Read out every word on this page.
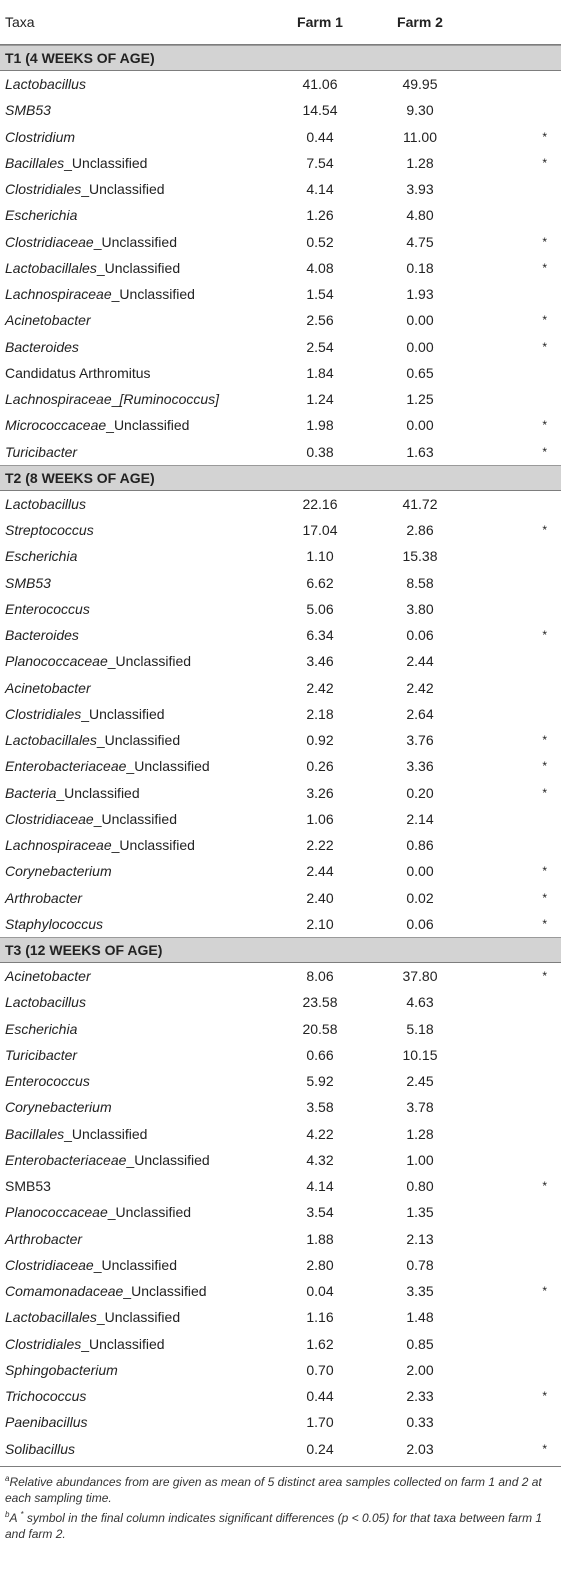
Taxa	Farm 1	Farm 2
T1 (4 WEEKS OF AGE)
Lactobacillus	41.06	49.95
SMB53	14.54	9.30
Clostridium	0.44	11.00	*
Bacillales_Unclassified	7.54	1.28	*
Clostridiales_Unclassified	4.14	3.93
Escherichia	1.26	4.80
Clostridiaceae_Unclassified	0.52	4.75	*
Lactobacillales_Unclassified	4.08	0.18	*
Lachnospiraceae_Unclassified	1.54	1.93
Acinetobacter	2.56	0.00	*
Bacteroides	2.54	0.00	*
Candidatus Arthromitus	1.84	0.65
Lachnospiraceae_[Ruminococcus]	1.24	1.25
Micrococcaceae_Unclassified	1.98	0.00	*
Turicibacter	0.38	1.63	*
T2 (8 WEEKS OF AGE)
Lactobacillus	22.16	41.72
Streptococcus	17.04	2.86	*
Escherichia	1.10	15.38
SMB53	6.62	8.58
Enterococcus	5.06	3.80
Bacteroides	6.34	0.06	*
Planococcaceae_Unclassified	3.46	2.44
Acinetobacter	2.42	2.42
Clostridiales_Unclassified	2.18	2.64
Lactobacillales_Unclassified	0.92	3.76	*
Enterobacteriaceae_Unclassified	0.26	3.36	*
Bacteria_Unclassified	3.26	0.20	*
Clostridiaceae_Unclassified	1.06	2.14
Lachnospiraceae_Unclassified	2.22	0.86
Corynebacterium	2.44	0.00	*
Arthrobacter	2.40	0.02	*
Staphylococcus	2.10	0.06	*
T3 (12 WEEKS OF AGE)
Acinetobacter	8.06	37.80	*
Lactobacillus	23.58	4.63
Escherichia	20.58	5.18
Turicibacter	0.66	10.15
Enterococcus	5.92	2.45
Corynebacterium	3.58	3.78
Bacillales_Unclassified	4.22	1.28
Enterobacteriaceae_Unclassified	4.32	1.00
SMB53	4.14	0.80	*
Planococcaceae_Unclassified	3.54	1.35
Arthrobacter	1.88	2.13
Clostridiaceae_Unclassified	2.80	0.78
Comamonadaceae_Unclassified	0.04	3.35	*
Lactobacillales_Unclassified	1.16	1.48
Clostridiales_Unclassified	1.62	0.85
Sphingobacterium	0.70	2.00
Trichococcus	0.44	2.33	*
Paenibacillus	1.70	0.33
Solibacillus	0.24	2.03	*
$^a$Relative abundances from are given as mean of 5 distinct area samples collected on farm 1 and 2 at each sampling time.
$^b$A * symbol in the final column indicates significant differences (p < 0.05) for that taxa between farm 1 and farm 2.
